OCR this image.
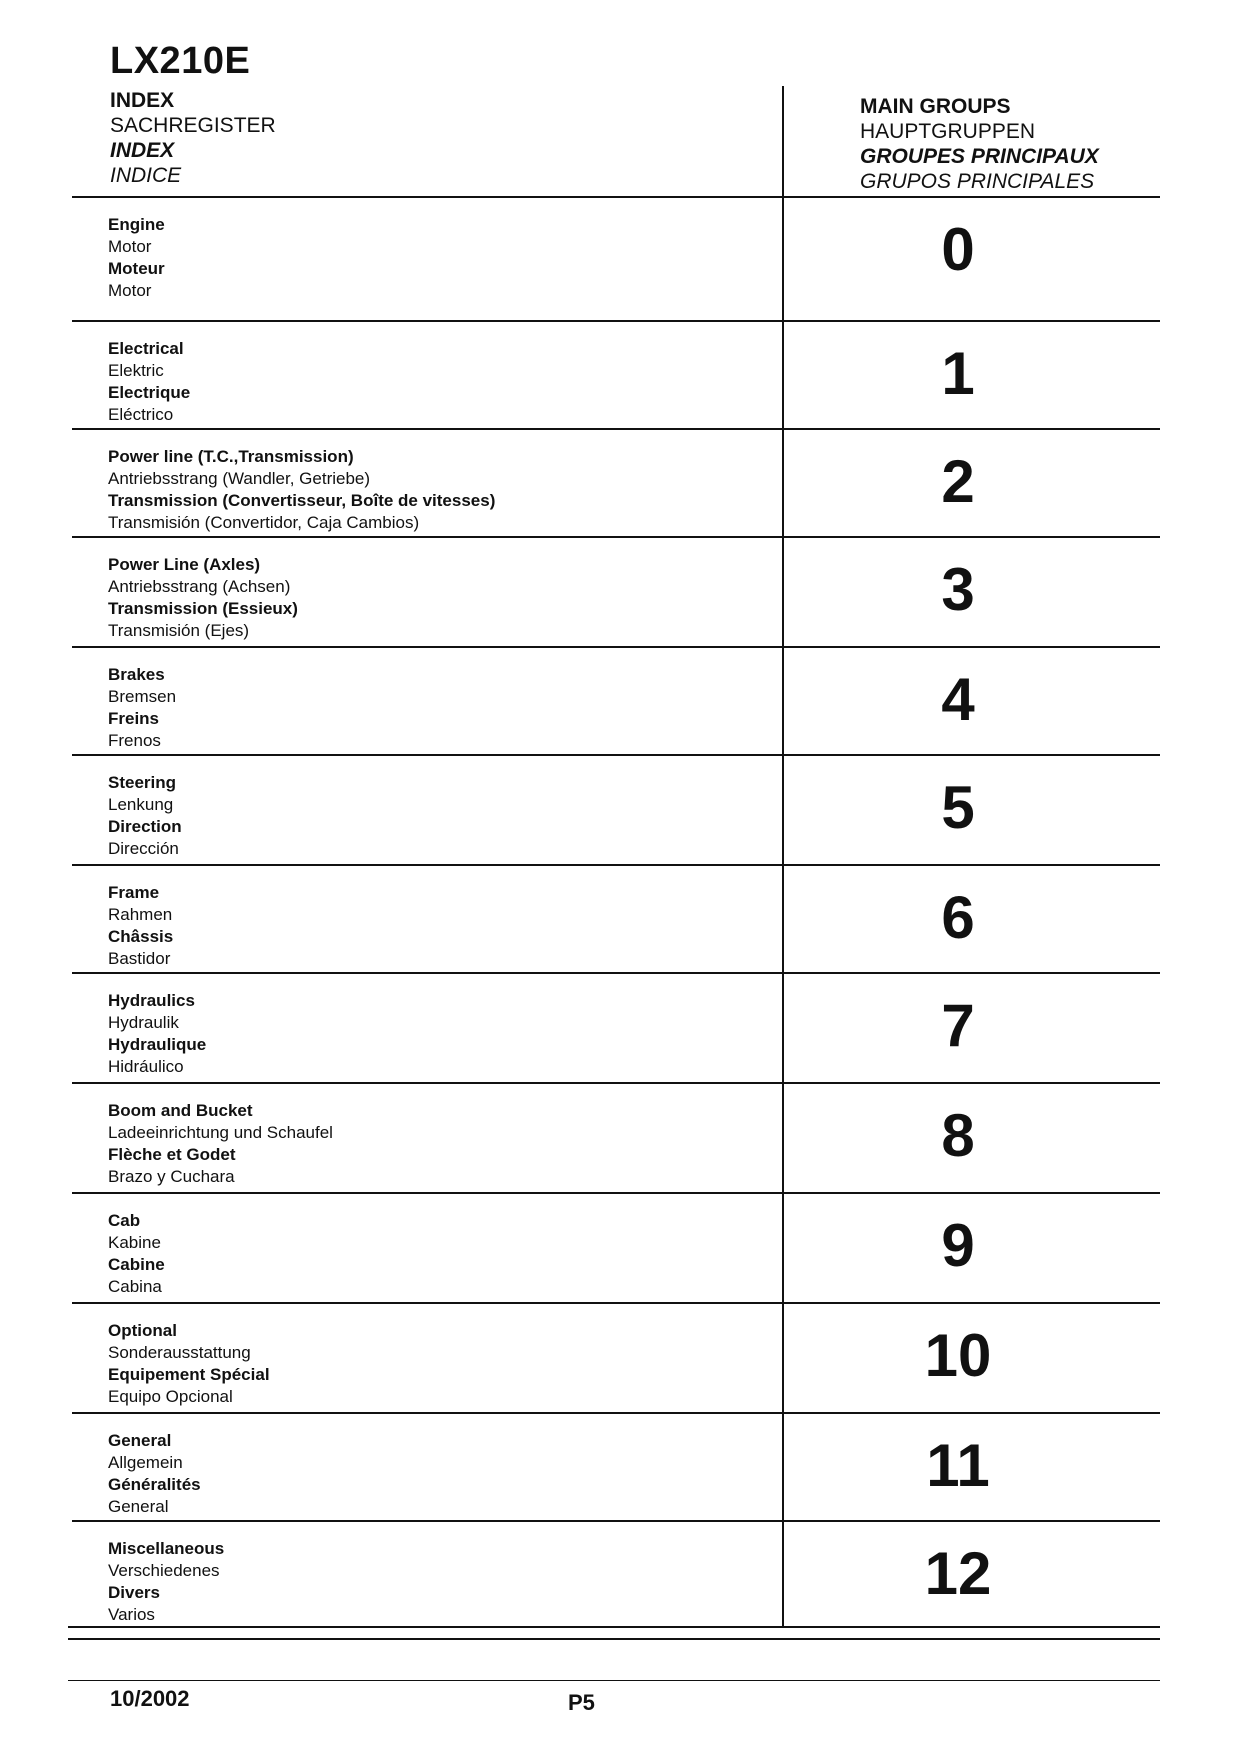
LX210E
INDEX
SACHREGISTER
INDEX
INDICE
MAIN GROUPS
HAUPTGRUPPEN
GROUPES PRINCIPAUX
GRUPOS PRINCIPALES
Engine
Motor
Moteur
Motor
0
Electrical
Elektric
Electrique
Eléctrico
1
Power line (T.C.,Transmission)
Antriebsstrang (Wandler, Getriebe)
Transmission (Convertisseur, Boîte de vitesses)
Transmisión (Convertidor, Caja Cambios)
2
Power Line (Axles)
Antriebsstrang (Achsen)
Transmission (Essieux)
Transmisión (Ejes)
3
Brakes
Bremsen
Freins
Frenos
4
Steering
Lenkung
Direction
Dirección
5
Frame
Rahmen
Châssis
Bastidor
6
Hydraulics
Hydraulik
Hydraulique
Hidráulico
7
Boom and Bucket
Ladeeinrichtung und Schaufel
Flèche et Godet
Brazo y Cuchara
8
Cab
Kabine
Cabine
Cabina
9
Optional
Sonderausstattung
Equipement Spécial
Equipo Opcional
10
General
Allgemein
Généralités
General
11
Miscellaneous
Verschiedenes
Divers
Varios
12
10/2002	P5
